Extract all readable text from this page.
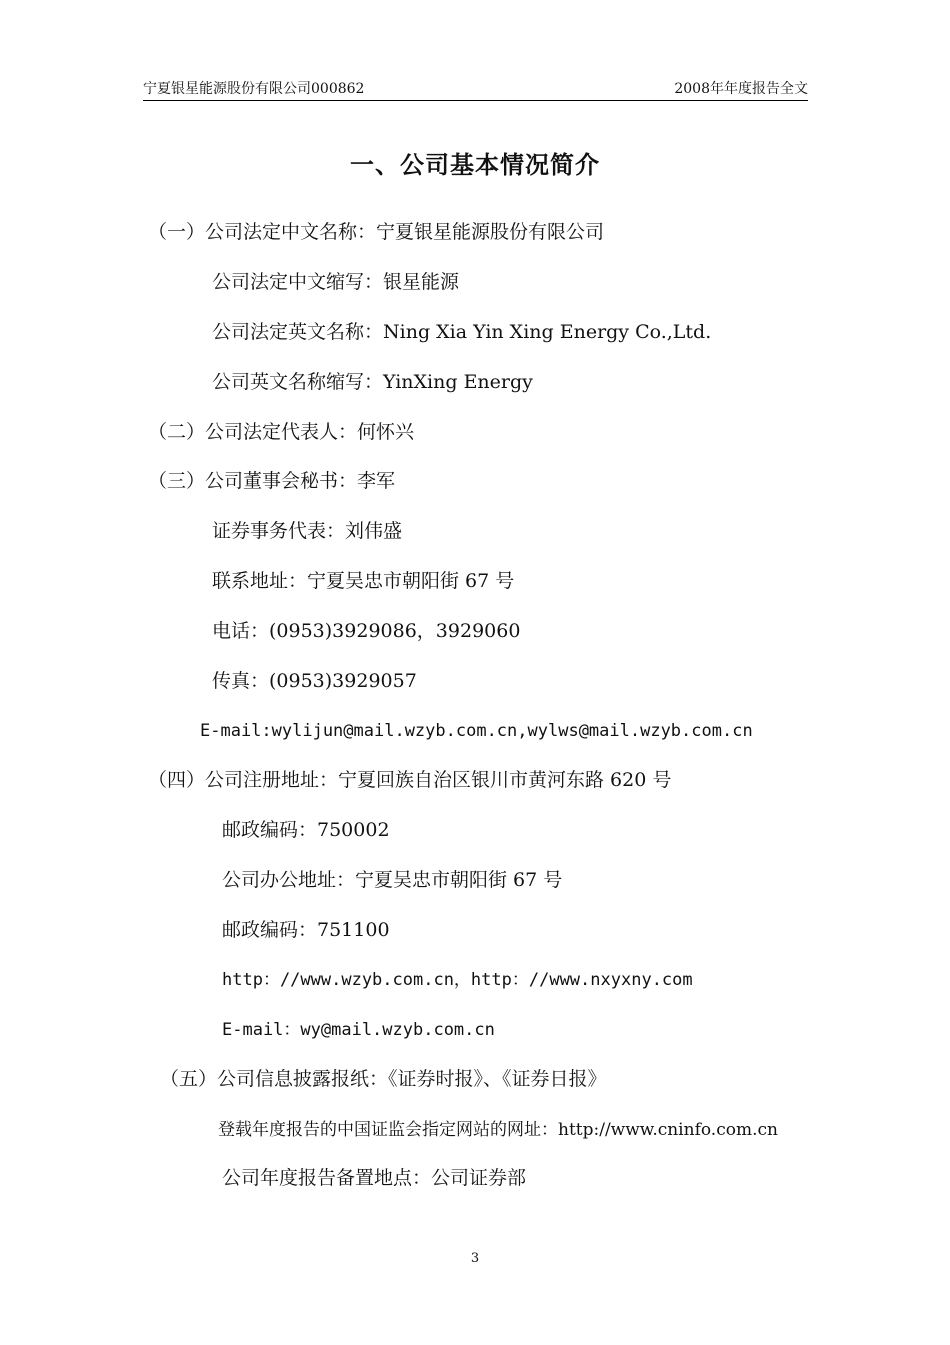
宁夏银星能源股份有限公司000862	2008年年度报告全文
一、公司基本情况简介
（一）公司法定中文名称：宁夏银星能源股份有限公司
公司法定中文缩写：银星能源
公司法定英文名称：Ning Xia Yin Xing Energy Co.,Ltd.
公司英文名称缩写：YinXing Energy
（二）公司法定代表人：何怀兴
（三）公司董事会秘书：李军
证券事务代表：刘伟盛
联系地址：宁夏吴忠市朝阳街 67 号
电话：(0953)3929086，3929060
传真：(0953)3929057
E-mail:wylijun@mail.wzyb.com.cn,wylws@mail.wzyb.com.cn
（四）公司注册地址：宁夏回族自治区银川市黄河东路 620 号
邮政编码：750002
公司办公地址：宁夏吴忠市朝阳街 67 号
邮政编码：751100
http：//www.wzyb.com.cn，http：//www.nxyxny.com
E-mail：wy@mail.wzyb.com.cn
（五）公司信息披露报纸：《证券时报》、《证券日报》
登载年度报告的中国证监会指定网站的网址：http://www.cninfo.com.cn
公司年度报告备置地点：公司证券部
3
